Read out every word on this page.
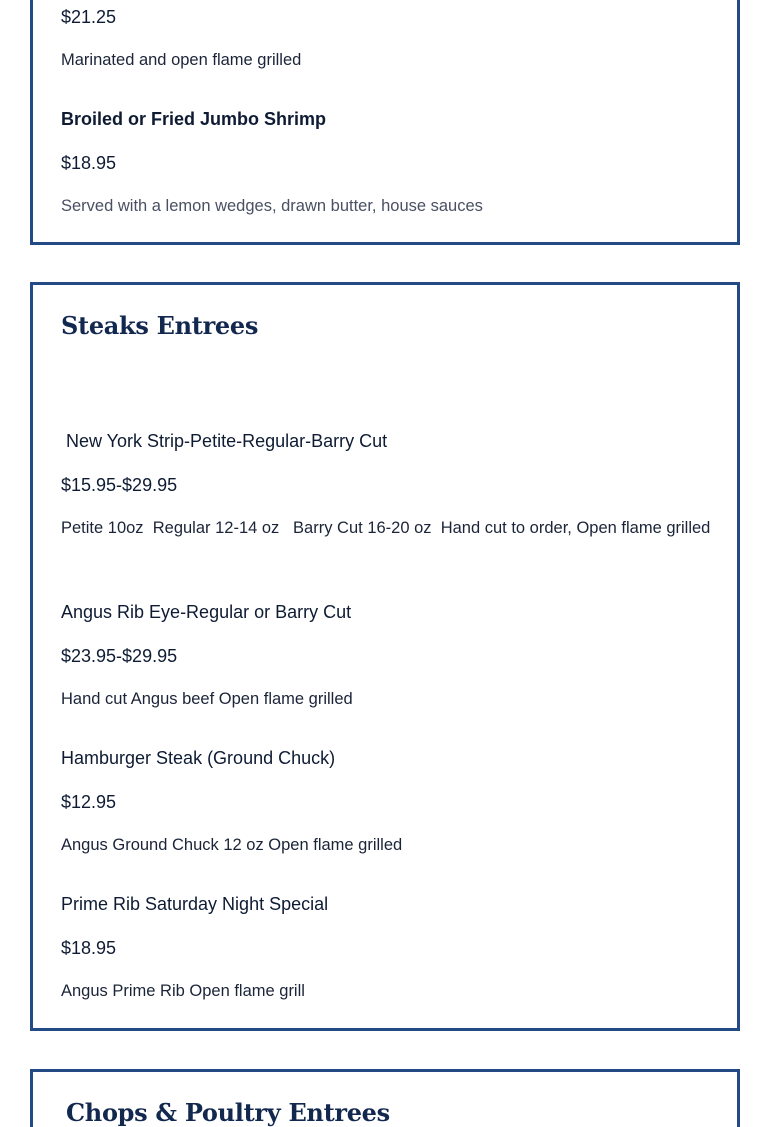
$21.25

Marinated and open flame grilled

Broiled or Fried Jumbo Shrimp

$18.95

Served with a lemon wedges, drawn butter, house sauces

Steaks Entrees

New York Strip-Petite-Regular-Barry Cut

$15.95-$29.95

Petite 10oz  Regular 12-14 oz   Barry Cut 16-20 oz  Hand cut to order, Open flame grilled

Angus Rib Eye-Regular or Barry Cut

$23.95-$29.95

Hand cut Angus beef Open flame grilled

Hamburger Steak (Ground Chuck)

$12.95

Angus Ground Chuck 12 oz Open flame grilled

Prime Rib Saturday Night Special

$18.95

Angus Prime Rib Open flame grill

Chops & Poultry Entrees
